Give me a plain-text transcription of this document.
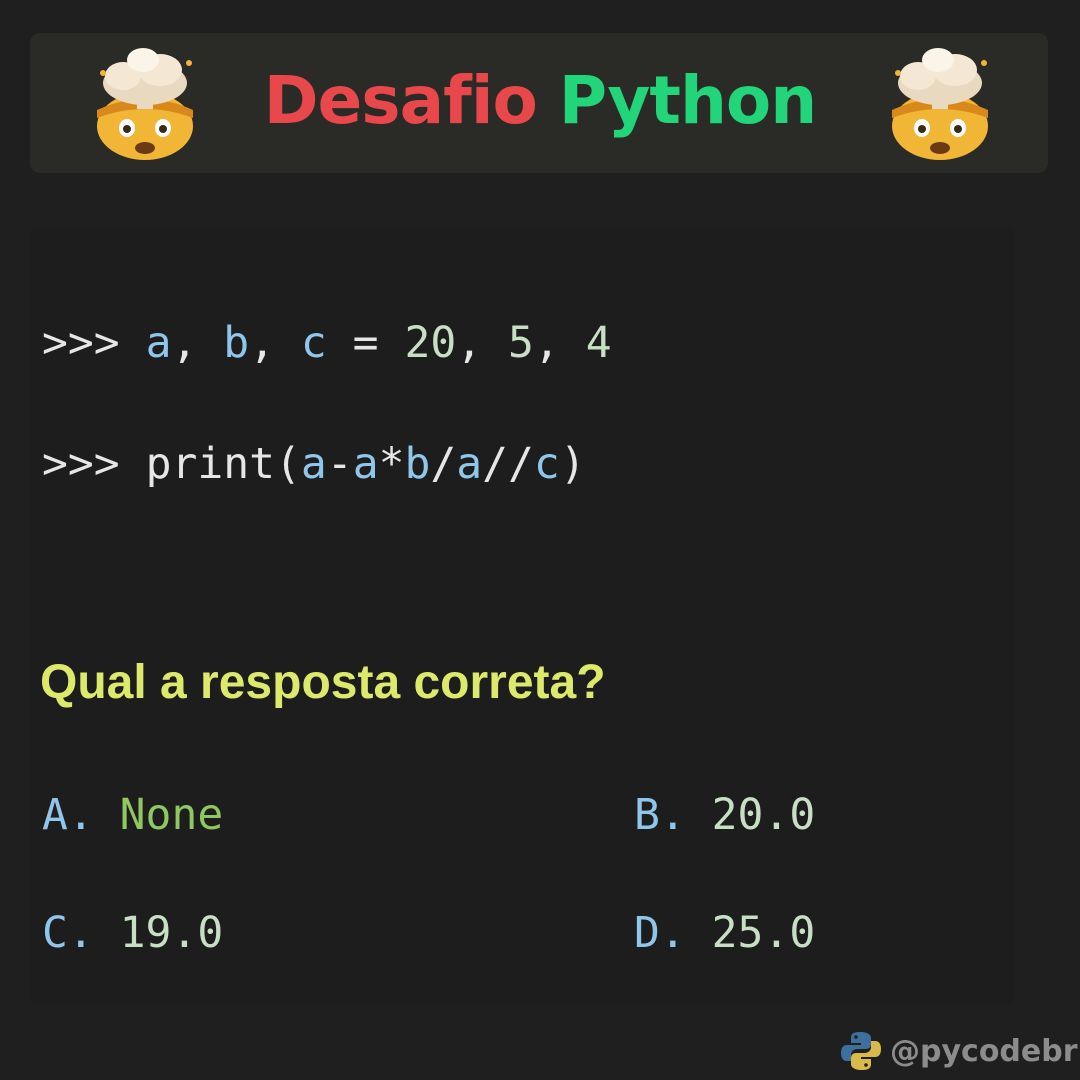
Desafio Python
>>> a, b, c = 20, 5, 4
>>> print(a-a*b/a//c)
Qual a resposta correta?
A. None	B. 20.0
C. 19.0	D. 25.0
@pycodebr
